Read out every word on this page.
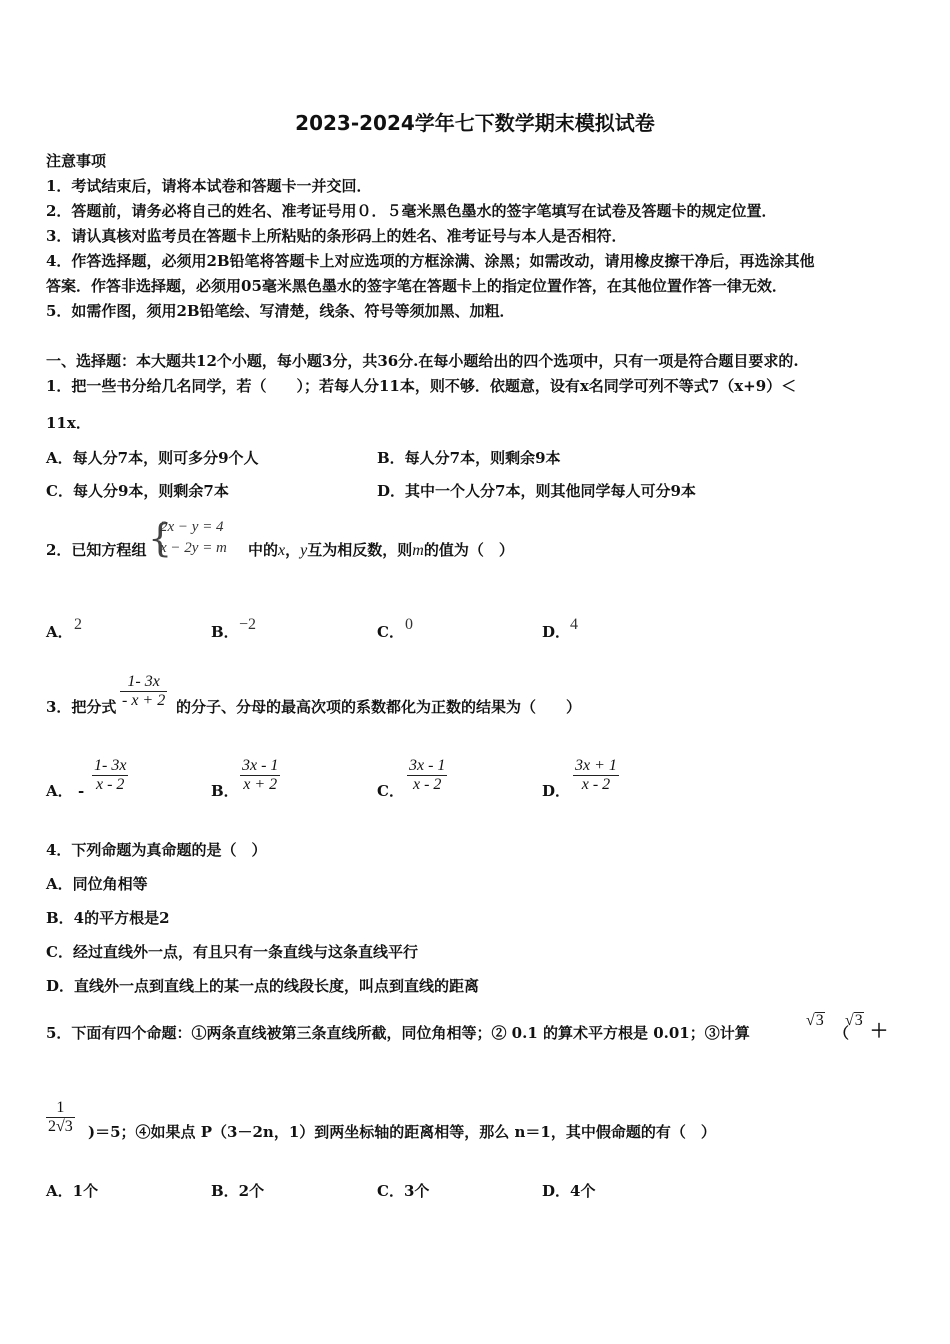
2023-2024学年七下数学期末模拟试卷
注意事项
1．考试结束后，请将本试卷和答题卡一并交回．
2．答题前，请务必将自己的姓名、准考证号用０．５毫米黑色墨水的签字笔填写在试卷及答题卡的规定位置．
3．请认真核对监考员在答题卡上所粘贴的条形码上的姓名、准考证号与本人是否相符．
4．作答选择题，必须用2B铅笔将答题卡上对应选项的方框涂满、涂黑；如需改动，请用橡皮擦干净后，再选涂其他
答案．作答非选择题，必须用05毫米黑色墨水的签字笔在答题卡上的指定位置作答，在其他位置作答一律无效．
5．如需作图，须用2B铅笔绘、写清楚，线条、符号等须加黑、加粗．
一、选择题：本大题共12个小题，每小题3分，共36分.在每小题给出的四个选项中，只有一项是符合题目要求的.
1．把一些书分给几名同学，若（　　）；若每人分11本，则不够．依题意，设有x名同学可列不等式7（x+9）＜
11x．
A．每人分7本，则可多分9个人	B．每人分7本，则剩余9本
C．每人分9本，则剩余7本	D．其中一个人分7本，则其他同学每人可分9本
2．已知方程组 {
2x − y = 4
x − 2y = m 中的x，y互为相反数，则m的值为（　）
A． 2	B． −2	C． 0	D． 4
3．把分式 $\frac{1- 3x}{- x + 2}$ 的分子、分母的最高次项的系数都化为正数的结果为（　　）
A． - $\frac{1- 3x}{x - 2}$	B． $\frac{3x - 1}{x + 2}$	C． $\frac{3x - 1}{x - 2}$	D． $\frac{3x + 1}{x - 2}$
4．下列命题为真命题的是（　）
A．同位角相等
B．4的平方根是2
C．经过直线外一点，有且只有一条直线与这条直线平行
D．直线外一点到直线上的某一点的线段长度，叫点到直线的距离
5．下面有四个命题：①两条直线被第三条直线所截，同位角相等；② 0.1 的算术平方根是 0.01；③计算
√3
（
√3
＋
$\frac{1}{2√3} )=5$；④如果点 P（3－2n，1）到两坐标轴的距离相等，那么 n＝1，其中假命题的有（　）
A．1个	B．2个	C．3个	D．4个
